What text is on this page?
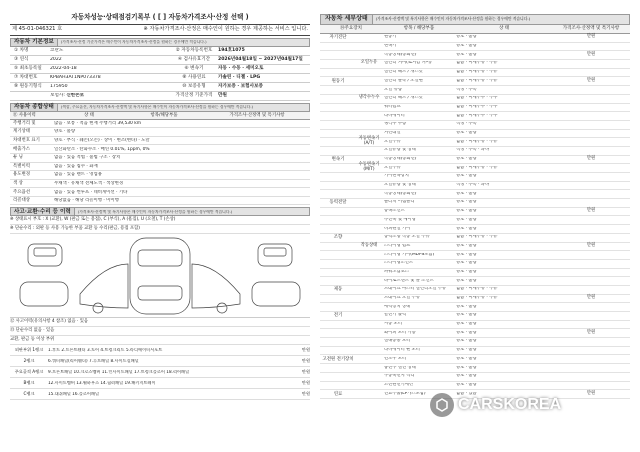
자동차성능·상태점검기록부 ( [ ] 자동차가격조사·산정 선택 )
제 45-01-046321 호	※ 자동차가격조사·산정은 매수인이 원하는 경우 제공하는 서비스 입니다.
자동차 기본정보	(가격조사·산정 기준가격은 매수인이 자동차가격조사·산정을 원하는 경우에만 적습니다.)
① 차명	코란도	② 자동차등록번호	194호1075
③ 연식	2022	④ 검사유효기간	2026년04월18일 ~ 2027년04월17일
⑤ 최초등록일	2022-04-18	⑥ 변속기	자동 · 수동 · 세미오토
⑦ 차대번호	KPBAH3AT1NP073378	⑧ 사용연료	가솔린 · 디젤 · LPG
⑨ 원동기형식	175950	⑩ 보증유형	자가보증 · 보험사보증
보험사: 신한손보	가격산정 기준가격	만원
자동차 종합상태	(색상, 주요옵션, 자동차가격조사·산정액 및 특기사항은 매수인이 자동차가격조사·산정을 원하는 경우에만 적습니다.)
⑪ 사용이력	상 태	항목/해당부품	가격조사·산정액 및 특기사항
주행거리 및	많음 · 보통 · 적음 현재 주행거리 39,530 km
계기상태	양호 · 불량
차대번호 표기	양호 · 부식 · 훼손(오손) · 상이 · 변조(변타) · 도말
배출가스	일산화탄소 · 탄화수소 · 매연 0.01%, 1ppm, 0%
튜 닝	없음 · 있음 적법 · 불법 구조 · 장치
특별이력	없음 · 있음 침수 · 화재
용도변경	없음 · 있음 렌트 · 영업용
색 상	무채색 · 유채색 전체도색 · 색상변경
주요옵션	없음 · 있음 썬루프 · 네비게이션 · 기타
리콜대상	해당없음 · 해당 리콜이행 · 미이행
사고·교환·수리 등 이력	(가격조사·산정액 및 특기사항은 매수인이 자동차가격조사·산정을 원하는 경우에만 적습니다.)
※ 상태표시 부호 : X (교환), W (판금 또는 용접), C (부식), A (흠집), U (요철), T (손상)
※ 단순수리 : 외판 등 사용 가능한 부품 교환 등 수리(판금, 용접 포함)
⑫ 사고이력(유의사항 4 참조) 없음 · 있음
⑬ 단순수리 없음 · 있음
교환, 판금 등 이상 부위
외판부위 1랭크	1.후드 2.프론트휀더 3.도어 4.트렁크리드 5.라디에이터서포트	만원
2랭크	6.쿼터패널(리어휀더) 7.루프패널 8.사이드실패널	만원
주요골격 A랭크	9.프론트패널 10.크로스멤버 11.인사이드패널 17.트렁크플로어 18.리어패널	만원
B랭크	12.사이드멤버 13.휠하우스 14.필러패널 19.패키지트레이	만원
C랭크	15.대쉬패널 16.플로어패널	만원
자동차 세부상태	(가격조사·산정액 및 특기사항은 매수인이 자동차가격조사·산정을 원하는 경우에만 적습니다.)
⑭주요장치	항목 / 해당부품	상 태	가격조사·산정액 및 특기사항
자기진단	원동기	양호 · 불량	만원
변속기	양호 · 불량
작동상태(공회전)	양호 · 불량	만원
오일누유	실린더 커버(로커암 커버)	없음 · 미세누유 · 누유
실린더 헤드 / 개스킷	없음 · 미세누유 · 누유
원동기	실린더 블록 / 오일팬	없음 · 미세누유 · 누유	만원
오일 유량	적정 · 부족
냉각수누수	실린더 헤드 / 개스킷	없음 · 미세누수 · 누수
워터펌프	없음 · 미세누수 · 누수
라디에이터	없음 · 미세누수 · 누수
냉각수 수량	적정 · 부족
커먼레일	양호 · 불량
자동변속기(A/T)	오일누유	없음 · 미세누유 · 누유
오일유량 및 상태	적정 · 부족 · 과다
변속기	작동상태(공회전)	양호 · 불량	만원
수동변속기(M/T)	오일누유	없음 · 미세누유 · 누유
기어변속장치	양호 · 불량
오일유량 및 상태	적정 · 부족 · 과다
작동상태(공회전)	양호 · 불량
동력전달	클러치 어셈블리	양호 · 불량
등속조인트	양호 · 불량	만원
추진축 및 베어링	양호 · 불량
디퍼렌셜 기어	양호 · 불량
조향	동력조향 작동 오일 누유	없음 · 미세누유 · 누유
작동상태	스티어링 펌프	양호 · 불량	만원
스티어링 기어(MDPS포함)	양호 · 불량
스티어링조인트	양호 · 불량
파워고압호스	양호 · 불량
타이로드엔드 및 볼 조인트	양호 · 불량
제동	브레이크 마스터 실린더오일 누유	없음 · 미세누유 · 누유
브레이크 오일 누유	없음 · 미세누유 · 누유	만원
배력장치 상태	양호 · 불량
전기	발전기 출력	양호 · 불량
시동 모터	양호 · 불량
와이퍼 모터 기능	양호 · 불량	만원
실내송풍 모터	양호 · 불량
라디에이터 팬 모터	양호 · 불량
고전원 전기장치	윈도우 모터	양호 · 불량
충전구 절연 상태	양호 · 불량
구동축전지 격리	양호 · 불량
고전원전기배선	양호 · 불량
연료	연료누출(LP가스포함)	없음 · 있음	만원
CARSKOREA
